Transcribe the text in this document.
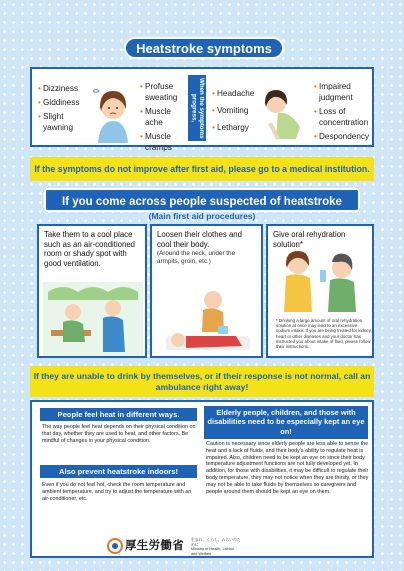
Heatstroke symptoms
• Dizziness
• Giddiness
• Slight yawning
• Profuse sweating
• Muscle ache
• Muscle cramps
When the symptoms progress,
• Headache
• Vomiting
• Lethargy
• Impaired judgment
• Loss of concentration
• Despondency
If the symptoms do not improve after first aid, please go to a medical institution.
If you come across people suspected of heatstroke
(Main first aid procedures)
Take them to a cool place such as an air-conditioned room or shady spot with good ventilation.
Loosen their clothes and cool their body.
(Around the neck, under the armpits, groin, etc.)
Give oral rehydration solution*
* Drinking a large amount of oral rehydration solution at once may lead to an excessive sodium intake. If you are being treated for kidney, heart or other diseases and your doctor has instructed you about intake of fluid, please follow their instructions.
If they are unable to drink by themselves, or if their response is not normal, call an ambulance right away!
People feel heat in different ways.
The way people feel heat depends on their physical condition on that day, whether they are used to heat, and other factors. Be mindful of changes in your physical condition.
Also prevent heatstroke indoors!
Even if you do not feel hot, check the room temperature and ambient temperature, and try to adjust the temperature with an air-conditioner, etc.
Elderly people, children, and those with disabilities need to be especially kept an eye on!
Caution is necessary since elderly people are less able to sense the heat and a lack of fluids, and their body's ability to regulate heat is impaired. Also, children need to be kept an eye on since their body temperature adjustment functions are not fully developed yet. In addition, for those with disabilities, it may be difficult to regulate their body temperature, they may not notice when they are thirsty, or they may not be able to take fluids by themselves so caregivers and people around them should be kept an eye on them.
厚生労働省 生まれ、くらし、みらいのために
Ministry of Health, Labour and Welfare
